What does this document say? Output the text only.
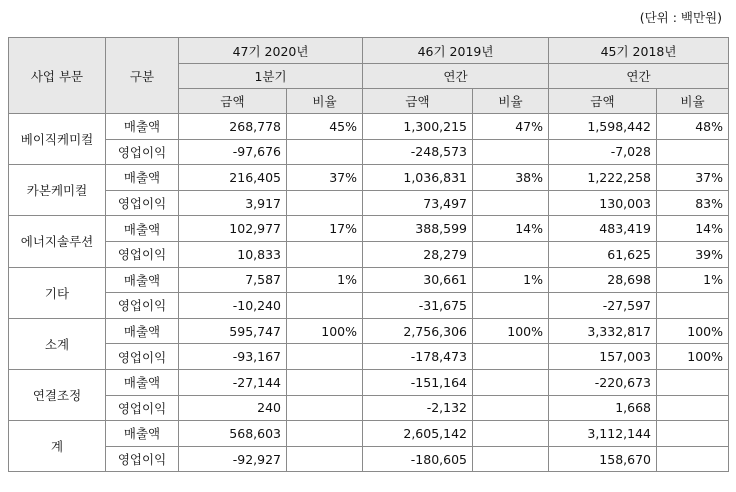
(단위 : 백만원)
사업 부문	구분	47기 2020년		46기 2019년		45기 2018년	
		1분기		연간		연간	
		금액	비율	금액	비율	금액	비율
베이직케미컬	매출액	268,778	45%	1,300,215	47%	1,598,442	48%
	영업이익	-97,676		-248,573		-7,028	
카본케미컬	매출액	216,405	37%	1,036,831	38%	1,222,258	37%
	영업이익	3,917		73,497		130,003	83%
에너지솔루션	매출액	102,977	17%	388,599	14%	483,419	14%
	영업이익	10,833		28,279		61,625	39%
기타	매출액	7,587	1%	30,661	1%	28,698	1%
	영업이익	-10,240		-31,675		-27,597	
소계	매출액	595,747	100%	2,756,306	100%	3,332,817	100%
	영업이익	-93,167		-178,473		157,003	100%
연결조정	매출액	-27,144		-151,164		-220,673	
	영업이익	240		-2,132		1,668	
계	매출액	568,603		2,605,142		3,112,144	
	영업이익	-92,927		-180,605		158,670	
